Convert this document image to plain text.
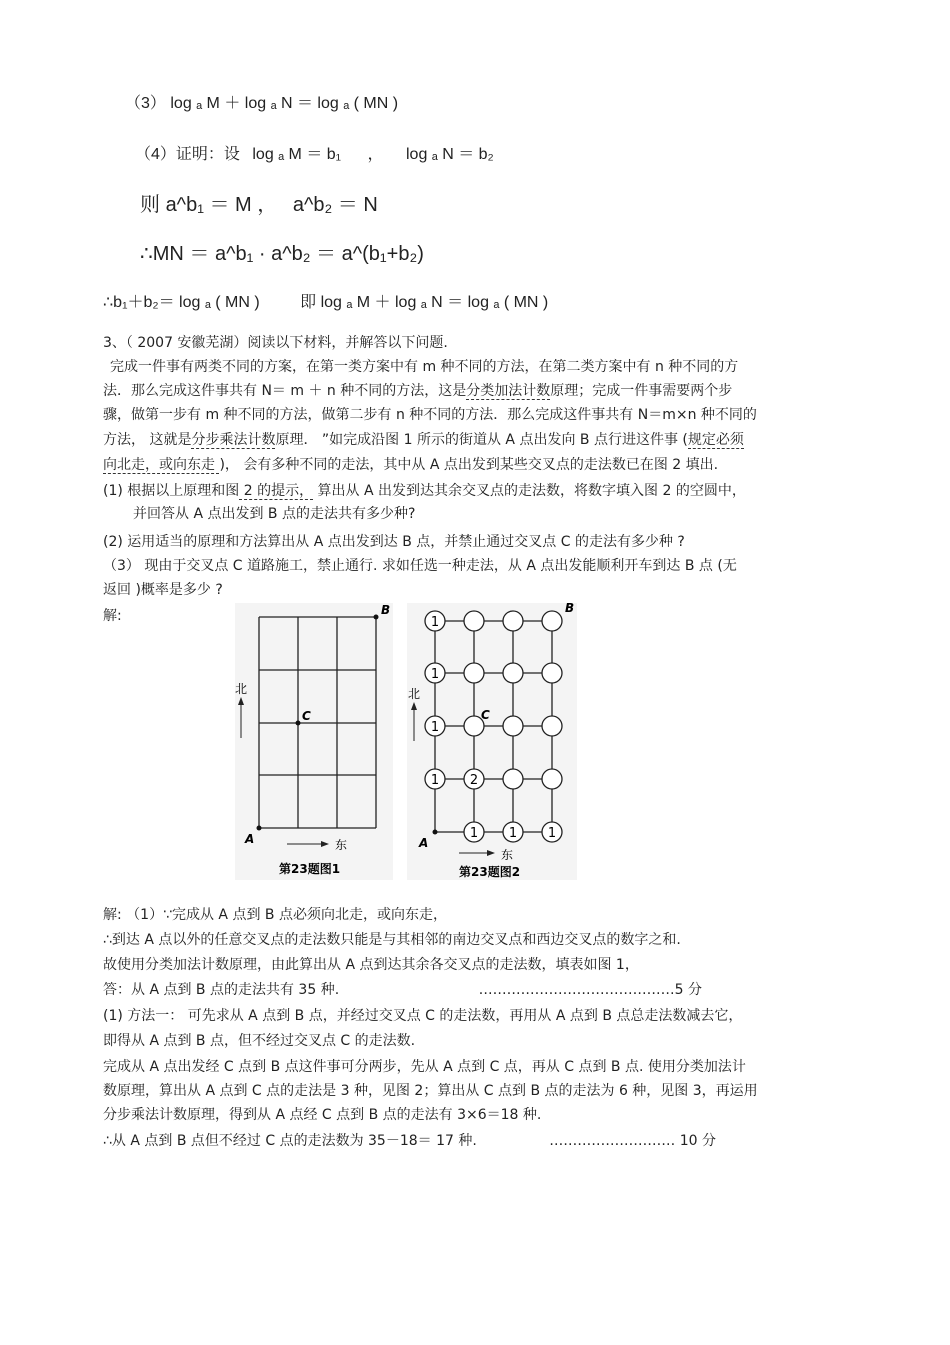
（3） log ₐ M ＋ log ₐ N ＝ log ₐ ( MN )
（4）证明：设 log ₐ M ＝ b₁ ， log ₐ N ＝ b₂
则 a^b₁ ＝ M ， a^b₂ ＝ N
∴MN ＝ a^b₁ · a^b₂ ＝ a^(b₁+b₂)
∴b₁＋b₂＝ log ₐ ( MN )	即 log ₐ M ＋ log ₐ N ＝ log ₐ ( MN )
3、（ 2007 安徽芜湖）阅读以下材料，并解答以下问题.
完成一件事有两类不同的方案，在第一类方案中有 m 种不同的方法，在第二类方案中有 n 种不同的方
法．那么完成这件事共有 N＝ m ＋ n 种不同的方法，这是分类加法计数原理；完成一件事需要两个步
骤，做第一步有 m 种不同的方法，做第二步有 n 种不同的方法．那么完成这件事共有 N＝m×n 种不同的
方法， 这就是分步乘法计数原理． ”如完成沿图 1 所示的街道从 A 点出发向 B 点行进这件事 (规定必须
向北走，或向东走 )， 会有多种不同的走法，其中从 A 点出发到某些交叉点的走法数已在图 2 填出.
(1) 根据以上原理和图 2 的提示， 算出从 A 出发到达其余交叉点的走法数，将数字填入图 2 的空圆中，
并回答从 A 点出发到 B 点的走法共有多少种?
(2) 运用适当的原理和方法算出从 A 点出发到达 B 点，并禁止通过交叉点 C 的走法有多少种 ?
（3） 现由于交叉点 C 道路施工，禁止通行. 求如任选一种走法，从 A 点出发能顺利开车到达 B 点 (无
返回 )概率是多少 ?
解:
A
C
B
北
东
第23题图1
1
1
1
1 2
1 1 1
A
C
B
北
东
第23题图2
解: （1）∵完成从 A 点到 B 点必须向北走，或向东走，
∴到达 A 点以外的任意交叉点的走法数只能是与其相邻的南边交叉点和西边交叉点的数字之和.
故使用分类加法计数原理，由此算出从 A 点到达其余各交叉点的走法数，填表如图 1，
答：从 A 点到 B 点的走法共有 35 种.	……………………………………5 分
(1) 方法一： 可先求从 A 点到 B 点，并经过交叉点 C 的走法数，再用从 A 点到 B 点总走法数减去它，
即得从 A 点到 B 点，但不经过交叉点 C 的走法数.
完成从 A 点出发经 C 点到 B 点这件事可分两步，先从 A 点到 C 点，再从 C 点到 B 点. 使用分类加法计
数原理，算出从 A 点到 C 点的走法是 3 种，见图 2；算出从 C 点到 B 点的走法为 6 种，见图 3，再运用
分步乘法计数原理，得到从 A 点经 C 点到 B 点的走法有 3×6＝18 种.
∴从 A 点到 B 点但不经过 C 点的走法数为 35－18＝ 17 种.	……………………… 10 分
